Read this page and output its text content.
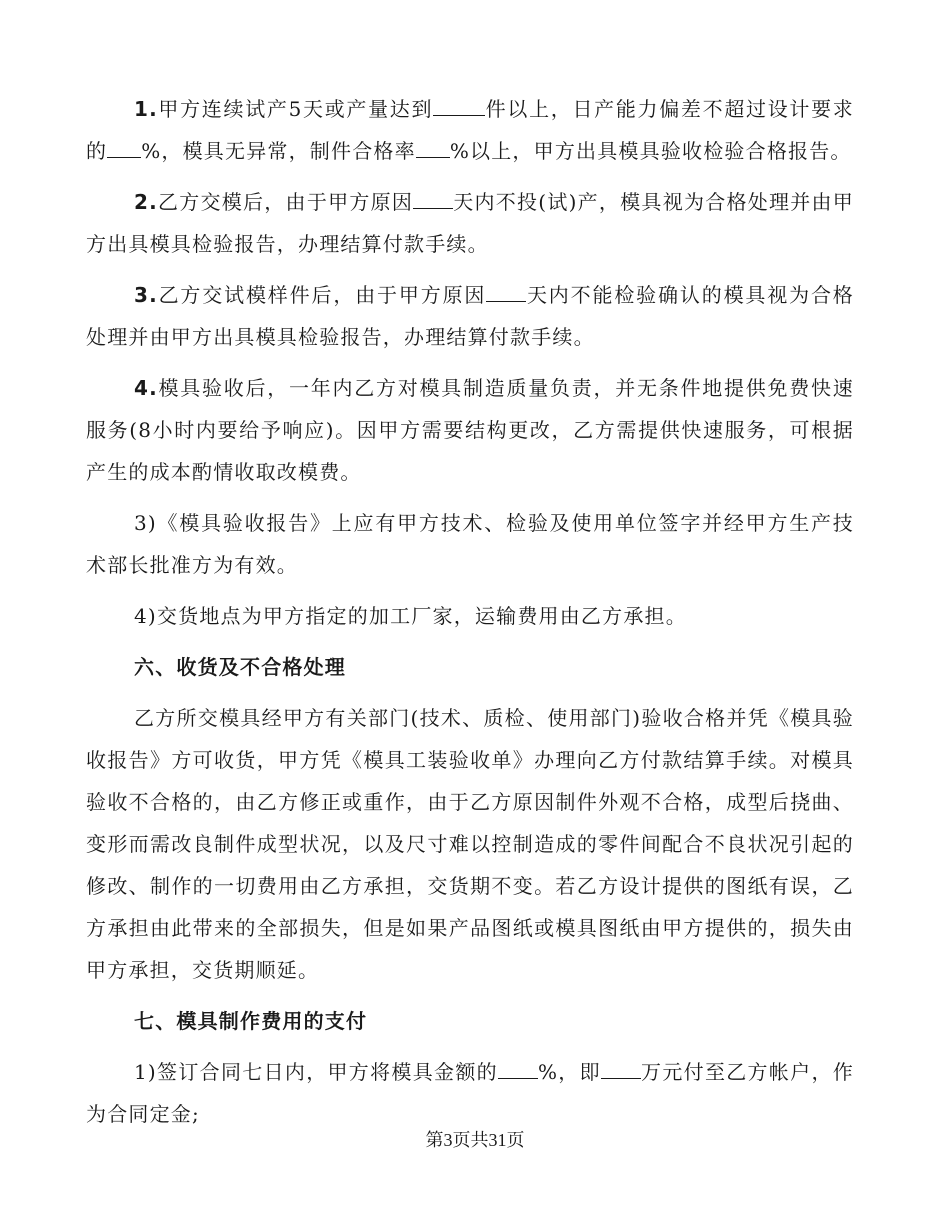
1.甲方连续试产5天或产量达到	件以上，日产能力偏差不超过设计要求的 %，模具无异常，制件合格率 %以上，甲方出具模具验收检验合格报告。

2.乙方交模后，由于甲方原因 天内不投(试)产，模具视为合格处理并由甲方出具模具检验报告，办理结算付款手续。

3.乙方交试模样件后，由于甲方原因 天内不能检验确认的模具视为合格处理并由甲方出具模具检验报告，办理结算付款手续。

4.模具验收后，一年内乙方对模具制造质量负责，并无条件地提供免费快速服务(8小时内要给予响应)。因甲方需要结构更改，乙方需提供快速服务，可根据产生的成本酌情收取改模费。

3)《模具验收报告》上应有甲方技术、检验及使用单位签字并经甲方生产技术部长批准方为有效。

4)交货地点为甲方指定的加工厂家，运输费用由乙方承担。

六、收货及不合格处理

乙方所交模具经甲方有关部门(技术、质检、使用部门)验收合格并凭《模具验收报告》方可收货，甲方凭《模具工装验收单》办理向乙方付款结算手续。对模具验收不合格的，由乙方修正或重作，由于乙方原因制件外观不合格，成型后挠曲、变形而需改良制件成型状况，以及尺寸难以控制造成的零件间配合不良状况引起的修改、制作的一切费用由乙方承担，交货期不变。若乙方设计提供的图纸有误，乙方承担由此带来的全部损失，但是如果产品图纸或模具图纸由甲方提供的，损失由甲方承担，交货期顺延。

七、模具制作费用的支付

1)签订合同七日内，甲方将模具金额的 %，即 万元付至乙方帐户，作为合同定金;

第3页共31页
